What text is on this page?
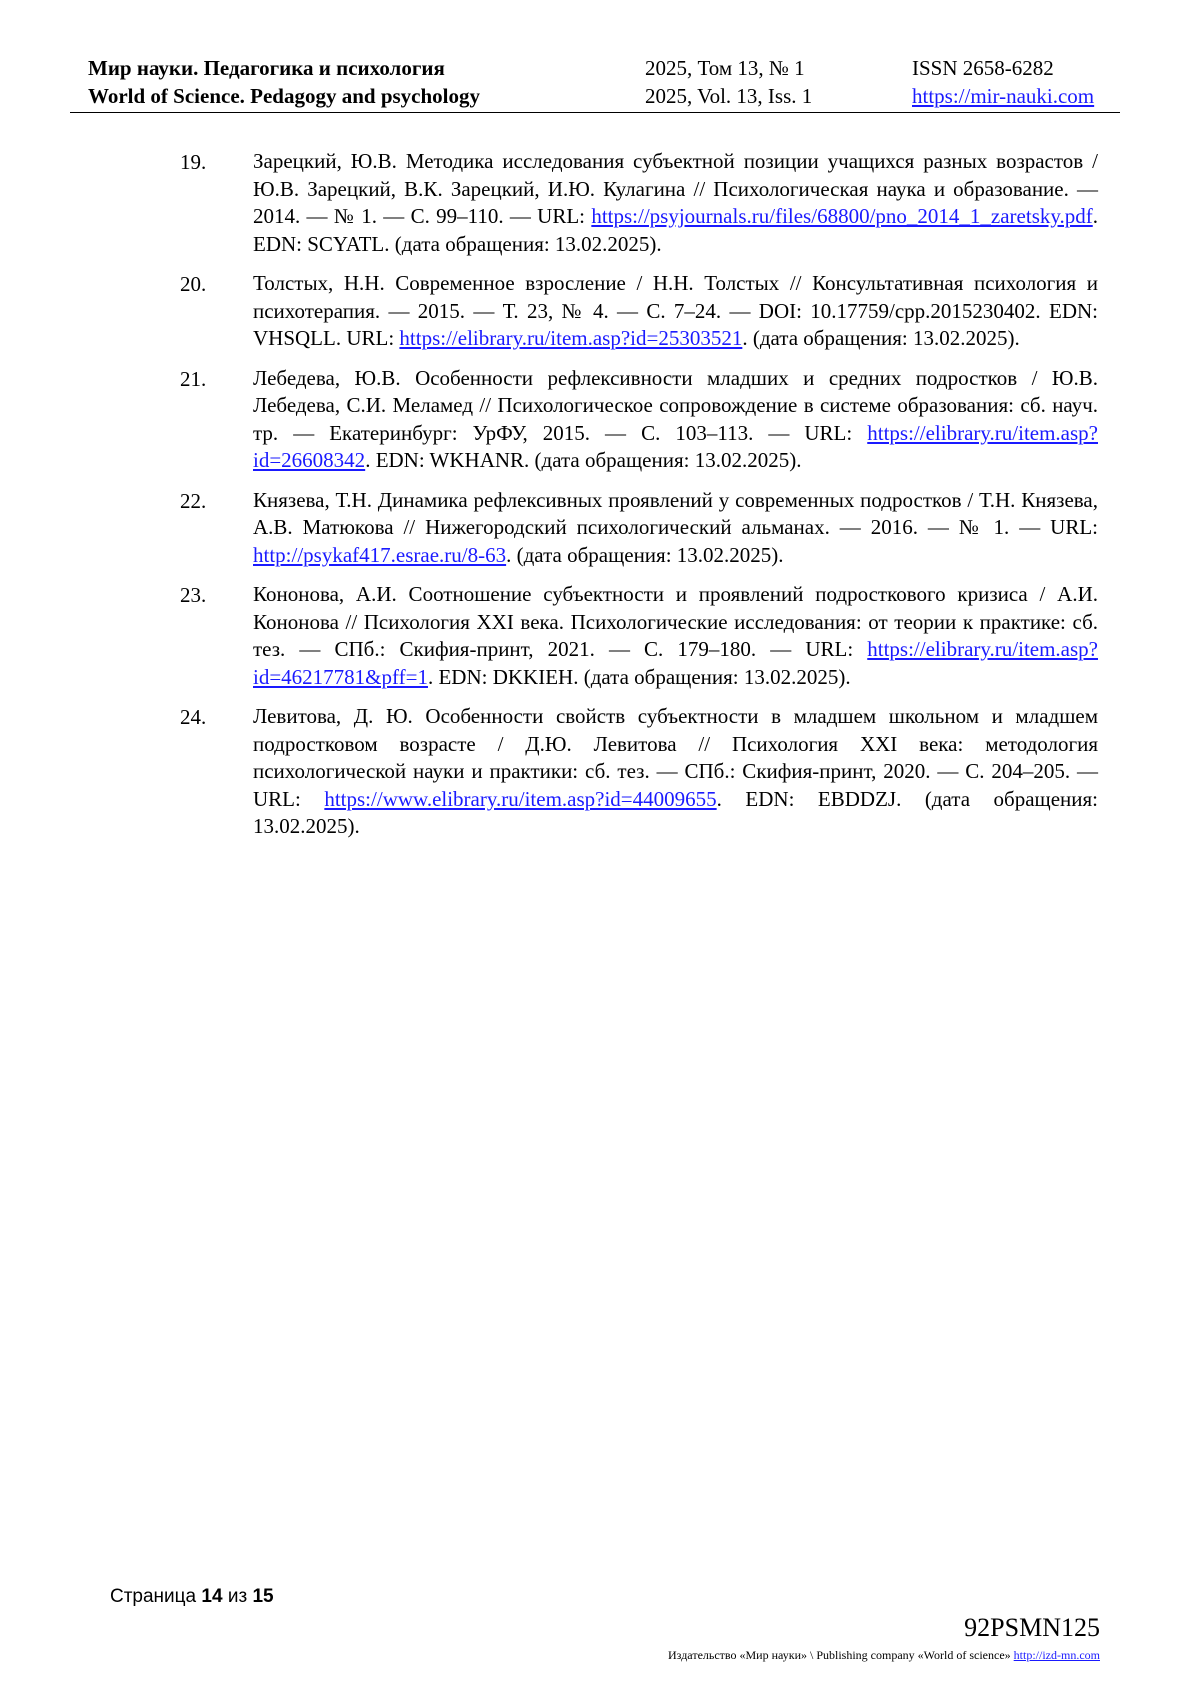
Мир науки. Педагогика и психология
World of Science. Pedagogy and psychology
2025, Том 13, № 1
2025, Vol. 13, Iss. 1
ISSN 2658-6282
https://mir-nauki.com
19. Зарецкий, Ю.В. Методика исследования субъектной позиции учащихся разных возрастов / Ю.В. Зарецкий, В.К. Зарецкий, И.Ю. Кулагина // Психологическая наука и образование. — 2014. — № 1. — С. 99–110. — URL: https://psyjournals.ru/files/68800/pno_2014_1_zaretsky.pdf. EDN: SCYATL. (дата обращения: 13.02.2025).
20. Толстых, Н.Н. Современное взросление / Н.Н. Толстых // Консультативная психология и психотерапия. — 2015. — Т. 23, № 4. — С. 7–24. — DOI: 10.17759/cpp.2015230402. EDN: VHSQLL. URL: https://elibrary.ru/item.asp?id=25303521. (дата обращения: 13.02.2025).
21. Лебедева, Ю.В. Особенности рефлексивности младших и средних подростков / Ю.В. Лебедева, С.И. Меламед // Психологическое сопровождение в системе образования: сб. науч. тр. — Екатеринбург: УрФУ, 2015. — С. 103–113. — URL: https://elibrary.ru/item.asp?id=26608342. EDN: WKHANR. (дата обращения: 13.02.2025).
22. Князева, Т.Н. Динамика рефлексивных проявлений у современных подростков / Т.Н. Князева, А.В. Матюкова // Нижегородский психологический альманах. — 2016. — № 1. — URL: http://psykaf417.esrae.ru/8-63. (дата обращения: 13.02.2025).
23. Кононова, А.И. Соотношение субъектности и проявлений подросткового кризиса / А.И. Кононова // Психология XXI века. Психологические исследования: от теории к практике: сб. тез. — СПб.: Скифия-принт, 2021. — С. 179–180. — URL: https://elibrary.ru/item.asp?id=46217781&pff=1. EDN: DKKIEH. (дата обращения: 13.02.2025).
24. Левитова, Д. Ю. Особенности свойств субъектности в младшем школьном и младшем подростковом возрасте / Д.Ю. Левитова // Психология XXI века: методология психологической науки и практики: сб. тез. — СПб.: Скифия-принт, 2020. — С. 204–205. — URL: https://www.elibrary.ru/item.asp?id=44009655. EDN: EBDDZJ. (дата обращения: 13.02.2025).
Страница 14 из 15
92PSMN125
Издательство «Мир науки» \ Publishing company «World of science» http://izd-mn.com
